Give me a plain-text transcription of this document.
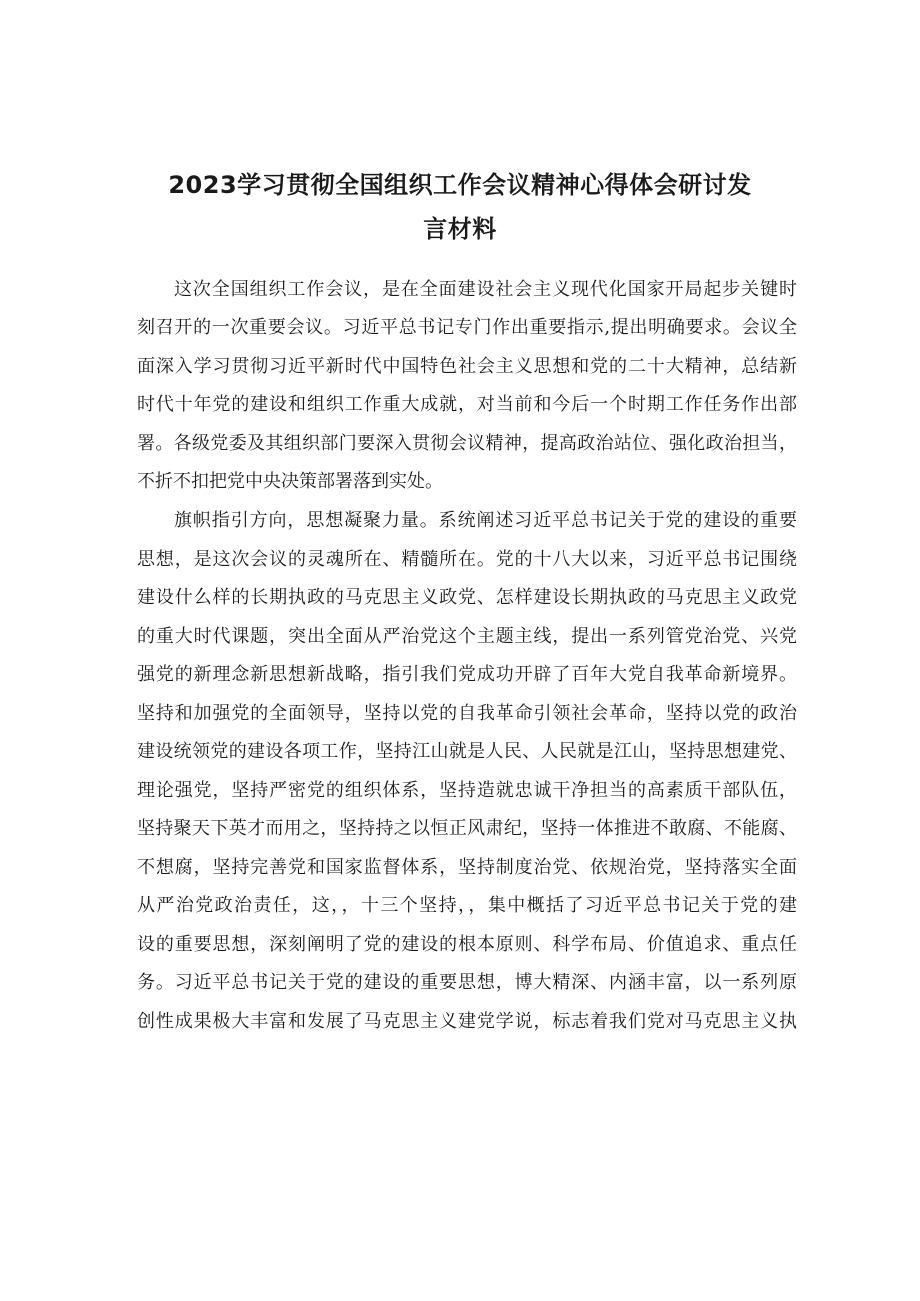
2023学习贯彻全国组织工作会议精神心得体会研讨发
言材料
这次全国组织工作会议，是在全面建设社会主义现代化国家开局起步关键时
刻召开的一次重要会议。习近平总书记专门作出重要指示,提出明确要求。会议全
面深入学习贯彻习近平新时代中国特色社会主义思想和党的二十大精神，总结新
时代十年党的建设和组织工作重大成就，对当前和今后一个时期工作任务作出部
署。各级党委及其组织部门要深入贯彻会议精神，提高政治站位、强化政治担当，
不折不扣把党中央决策部署落到实处。
旗帜指引方向，思想凝聚力量。系统阐述习近平总书记关于党的建设的重要
思想，是这次会议的灵魂所在、精髓所在。党的十八大以来，习近平总书记围绕
建设什么样的长期执政的马克思主义政党、怎样建设长期执政的马克思主义政党
的重大时代课题，突出全面从严治党这个主题主线，提出一系列管党治党、兴党
强党的新理念新思想新战略，指引我们党成功开辟了百年大党自我革命新境界。
坚持和加强党的全面领导，坚持以党的自我革命引领社会革命，坚持以党的政治
建设统领党的建设各项工作，坚持江山就是人民、人民就是江山，坚持思想建党、
理论强党，坚持严密党的组织体系，坚持造就忠诚干净担当的高素质干部队伍，
坚持聚天下英才而用之，坚持持之以恒正风肃纪，坚持一体推进不敢腐、不能腐、
不想腐，坚持完善党和国家监督体系，坚持制度治党、依规治党，坚持落实全面
从严治党政治责任，这，，十三个坚持，，集中概括了习近平总书记关于党的建
设的重要思想，深刻阐明了党的建设的根本原则、科学布局、价值追求、重点任
务。习近平总书记关于党的建设的重要思想，博大精深、内涵丰富，以一系列原
创性成果极大丰富和发展了马克思主义建党学说，标志着我们党对马克思主义执
